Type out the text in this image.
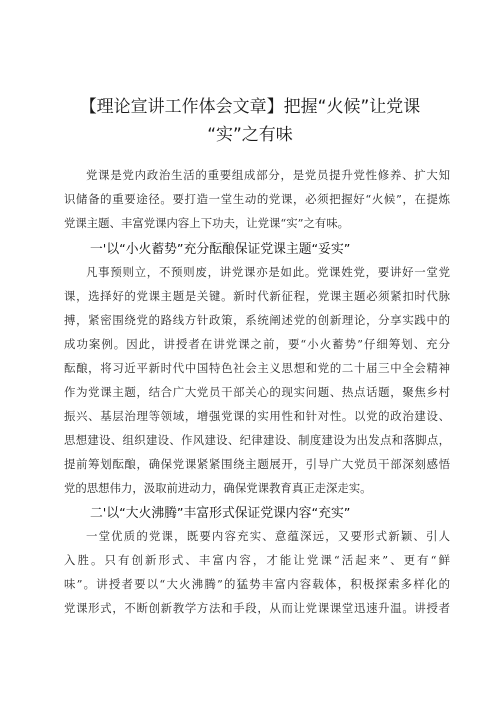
【理论宣讲工作体会文章】把握“火候”让党课
“实”之有味
党课是党内政治生活的重要组成部分，是党员提升党性修养、扩大知
识储备的重要途径。要打造一堂生动的党课，必须把握好“火候”，在提炼
党课主题、丰富党课内容上下功夫，让党课“实”之有味。
一'以“小火蓄势”充分酝酿保证党课主题“妥实”
凡事预则立，不预则废，讲党课亦是如此。党课姓党，要讲好一堂党
课，选择好的党课主题是关键。新时代新征程，党课主题必须紧扣时代脉
搏，紧密围绕党的路线方针政策，系统阐述党的创新理论，分享实践中的
成功案例。因此，讲授者在讲党课之前，要“小火蓄势”仔细筹划、充分
酝酿，将习近平新时代中国特色社会主义思想和党的二十届三中全会精神
作为党课主题，结合广大党员干部关心的现实问题、热点话题，聚焦乡村
振兴、基层治理等领域，增强党课的实用性和针对性。以党的政治建设、
思想建设、组织建设、作风建设、纪律建设、制度建设为出发点和落脚点，
提前筹划酝酿，确保党课紧紧围绕主题展开，引导广大党员干部深刻感悟
党的思想伟力，汲取前进动力，确保党课教育真正走深走实。
二'以“大火沸腾”丰富形式保证党课内容“充实”
一堂优质的党课，既要内容充实、意蕴深远，又要形式新颖、引人
入胜。只有创新形式、丰富内容，才能让党课“活起来”、更有“鲜
味”。讲授者要以“大火沸腾”的猛势丰富内容载体，积极探索多样化的
党课形式，不断创新教学方法和手段，从而让党课课堂迅速升温。讲授者
